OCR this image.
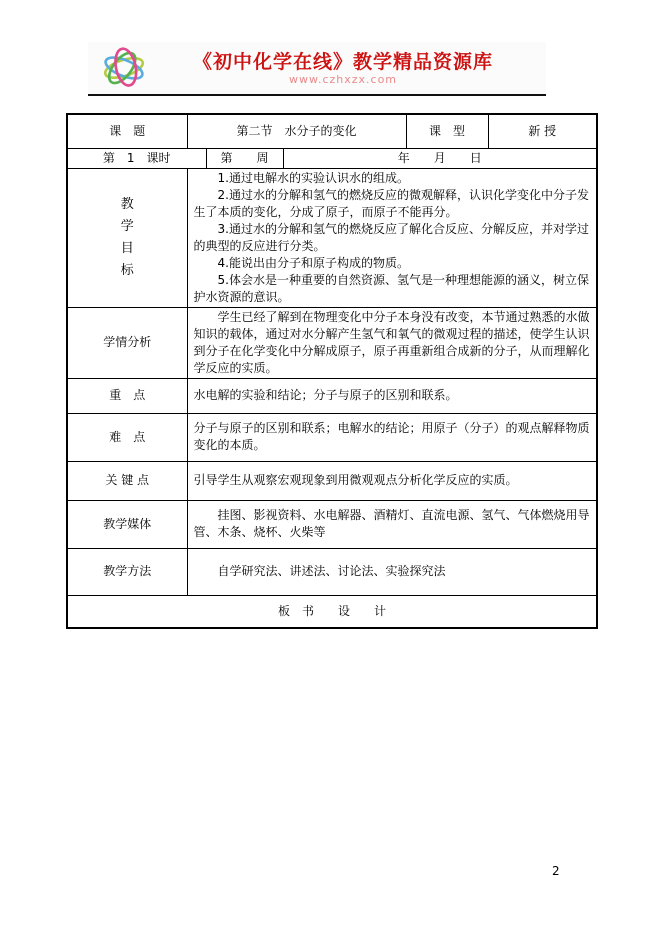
《初中化学在线》教学精品资源库
www.czhxzx.com
课　题	第二节　水分子的变化			课　型	新 授
第　1　课时		第　　周	年　　月　　日		

教学目标	1.通过电解水的实验认识水的组成。

2.通过水的分解和氢气的燃烧反应的微观解释，认识化学变化中分子发生了本质的变化，分成了原子，而原子不能再分。

3.通过水的分解和氢气的燃烧反应了解化合反应、分解反应，并对学过的典型的反应进行分类。

4.能说出由分子和原子构成的物质。

5.体会水是一种重要的自然资源、氢气是一种理想能源的涵义，树立保护水资源的意识。				

学情分析	学生已经了解到在物理变化中分子本身没有改变，本节通过熟悉的水做知识的载体，通过对水分解产生氢气和氧气的微观过程的描述，使学生认识到分子在化学变化中分解成原子，原子再重新组合成新的分子，从而理解化学反应的实质。				

重　点	水电解的实验和结论；分子与原子的区别和联系。				

难　点	分子与原子的区别和联系；电解水的结论；用原子（分子）的观点解释物质变化的本质。				

关 键 点	引导学生从观察宏观现象到用微观观点分析化学反应的实质。				

教学媒体	挂图、影视资料、水电解器、酒精灯、直流电源、氢气、气体燃烧用导管、木条、烧杯、火柴等				

教学方法	自学研究法、讲述法、讨论法、实验探究法				

板　书　　设　　计					
2
